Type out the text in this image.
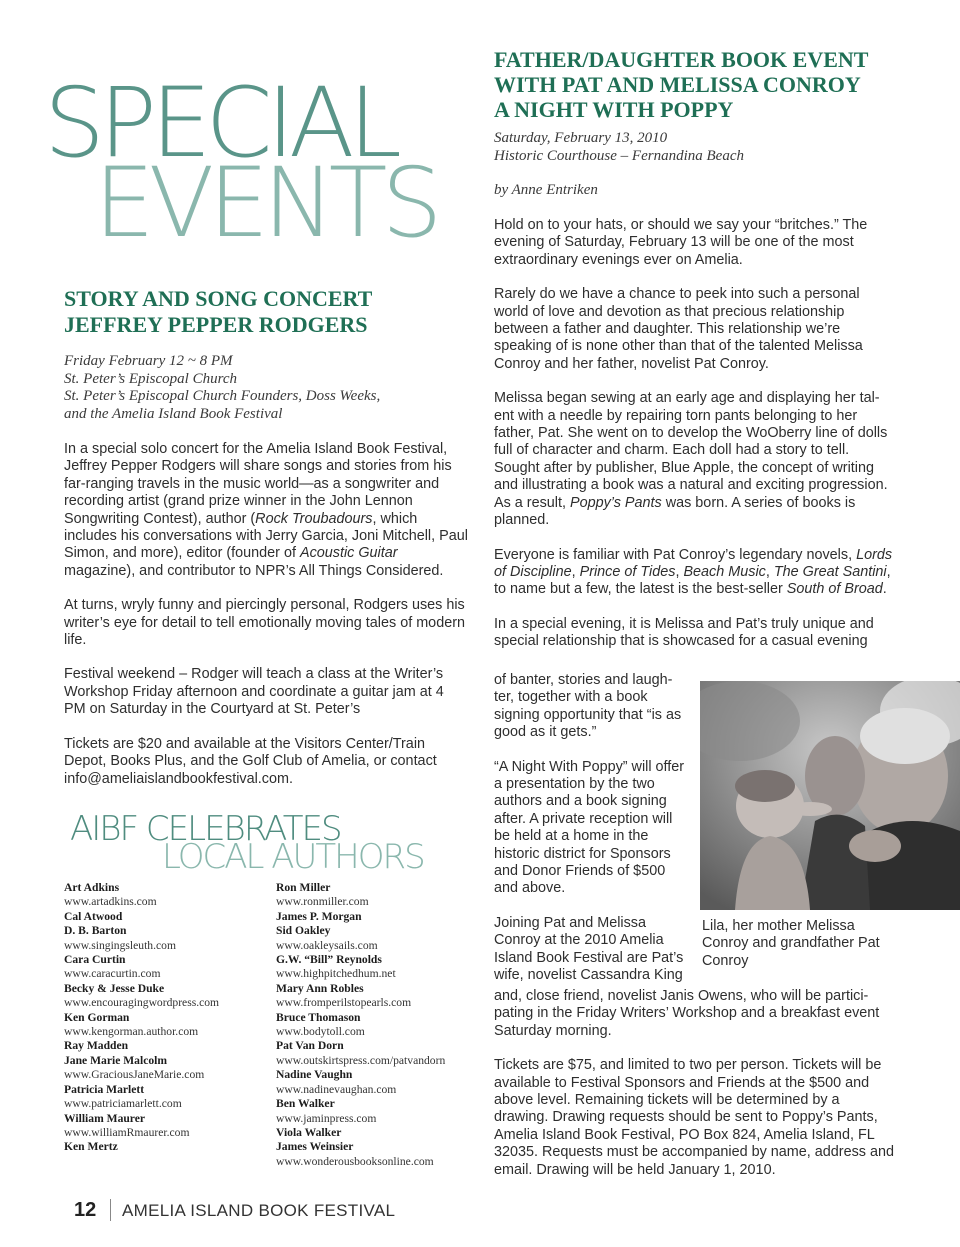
SPECIAL
EVENTS
STORY AND SONG CONCERT
JEFFREY PEPPER RODGERS
Friday February 12 ~ 8 PM
St. Peter’s Episcopal Church
St. Peter’s Episcopal Church Founders, Doss Weeks,
and the Amelia Island Book Festival

In a special solo concert for the Amelia Island Book Festival, Jeffrey Pepper Rodgers will share songs and stories from his far-ranging travels in the music world—as a songwriter and recording artist (grand prize winner in the John Lennon Songwriting Contest), author (Rock Troubadours, which includes his conversations with Jerry Garcia, Joni Mitchell, Paul Simon, and more), editor (founder of Acoustic Guitar magazine), and contributor to NPR’s All Things Considered.

At turns, wryly funny and piercingly personal, Rodgers uses his writer’s eye for detail to tell emotionally moving tales of modern life.

Festival weekend – Rodger will teach a class at the Writer’s Workshop Friday afternoon and coordinate a guitar jam at 4 PM on Saturday in the Courtyard at St. Peter’s

Tickets are $20 and available at the Visitors Center/Train Depot, Books Plus, and the Golf Club of Amelia, or contact info@ameliaislandbookfestival.com.

AIBF CELEBRATES
LOCAL AUTHORS
Art Adkins
www.artadkins.com
Cal Atwood
D. B. Barton
www.singingsleuth.com
Cara Curtin
www.caracurtin.com
Becky & Jesse Duke
www.encouragingwordpress.com
Ken Gorman
www.kengorman.author.com
Ray Madden
Jane Marie Malcolm
www.GraciousJaneMarie.com
Patricia Marlett
www.patriciamarlett.com
William Maurer
www.williamRmaurer.com
Ken Mertz
Ron Miller
www.ronmiller.com
James P. Morgan
Sid Oakley
www.oakleysails.com
G.W. “Bill” Reynolds
www.highpitchedhum.net
Mary Ann Robles
www.fromperilstopearls.com
Bruce Thomason
www.bodytoll.com
Pat Van Dorn
www.outskirtspress.com/patvandorn
Nadine Vaughn
www.nadinevaughan.com
Ben Walker
www.jaminpress.com
Viola Walker
James Weinsier
www.wonderousbooksonline.com
FATHER/DAUGHTER BOOK EVENT
WITH PAT AND MELISSA CONROY
A NIGHT WITH POPPY
Saturday, February 13, 2010
Historic Courthouse – Fernandina Beach
by Anne Entriken

Hold on to your hats, or should we say your “britches.” The evening of Saturday, February 13 will be one of the most extraordinary evenings ever on Amelia.

Rarely do we have a chance to peek into such a personal world of love and devotion as that precious relationship between a father and daughter. This relationship we’re speaking of is none other than that of the talented Melissa Conroy and her father, novelist Pat Conroy.

Melissa began sewing at an early age and displaying her tal-ent with a needle by repairing torn pants belonging to her father, Pat. She went on to develop the WoOberry line of dolls full of character and charm. Each doll had a story to tell. Sought after by publisher, Blue Apple, the concept of writing and illustrating a book was a natural and exciting progression. As a result, Poppy’s Pants was born. A series of books is planned.

Everyone is familiar with Pat Conroy’s legendary novels, Lords of Discipline, Prince of Tides, Beach Music, The Great Santini, to name but a few, the latest is the best-seller South of Broad.

In a special evening, it is Melissa and Pat’s truly unique and special relationship that is showcased for a casual evening

of banter, stories and laugh-ter, together with a book signing opportunity that “is as good as it gets.”

“A Night With Poppy” will offer a presentation by the two authors and a book signing after. A private reception will be held at a home in the historic district for Sponsors and Donor Friends of $500 and above.

Joining Pat and Melissa Conroy at the 2010 Amelia Island Book Festival are Pat’s wife, novelist Cassandra King

and, close friend, novelist Janis Owens, who will be partici-pating in the Friday Writers’ Workshop and a breakfast event Saturday morning.

Tickets are $75, and limited to two per person. Tickets will be available to Festival Sponsors and Friends at the $500 and above level. Remaining tickets will be determined by a drawing. Drawing requests should be sent to Poppy’s Pants, Amelia Island Book Festival, PO Box 824, Amelia Island, FL 32035. Requests must be accompanied by name, address and email. Drawing will be held January 1, 2010.

Lila, her mother Melissa Conroy and grandfather Pat Conroy
12 AMELIA ISLAND BOOK FESTIVAL
